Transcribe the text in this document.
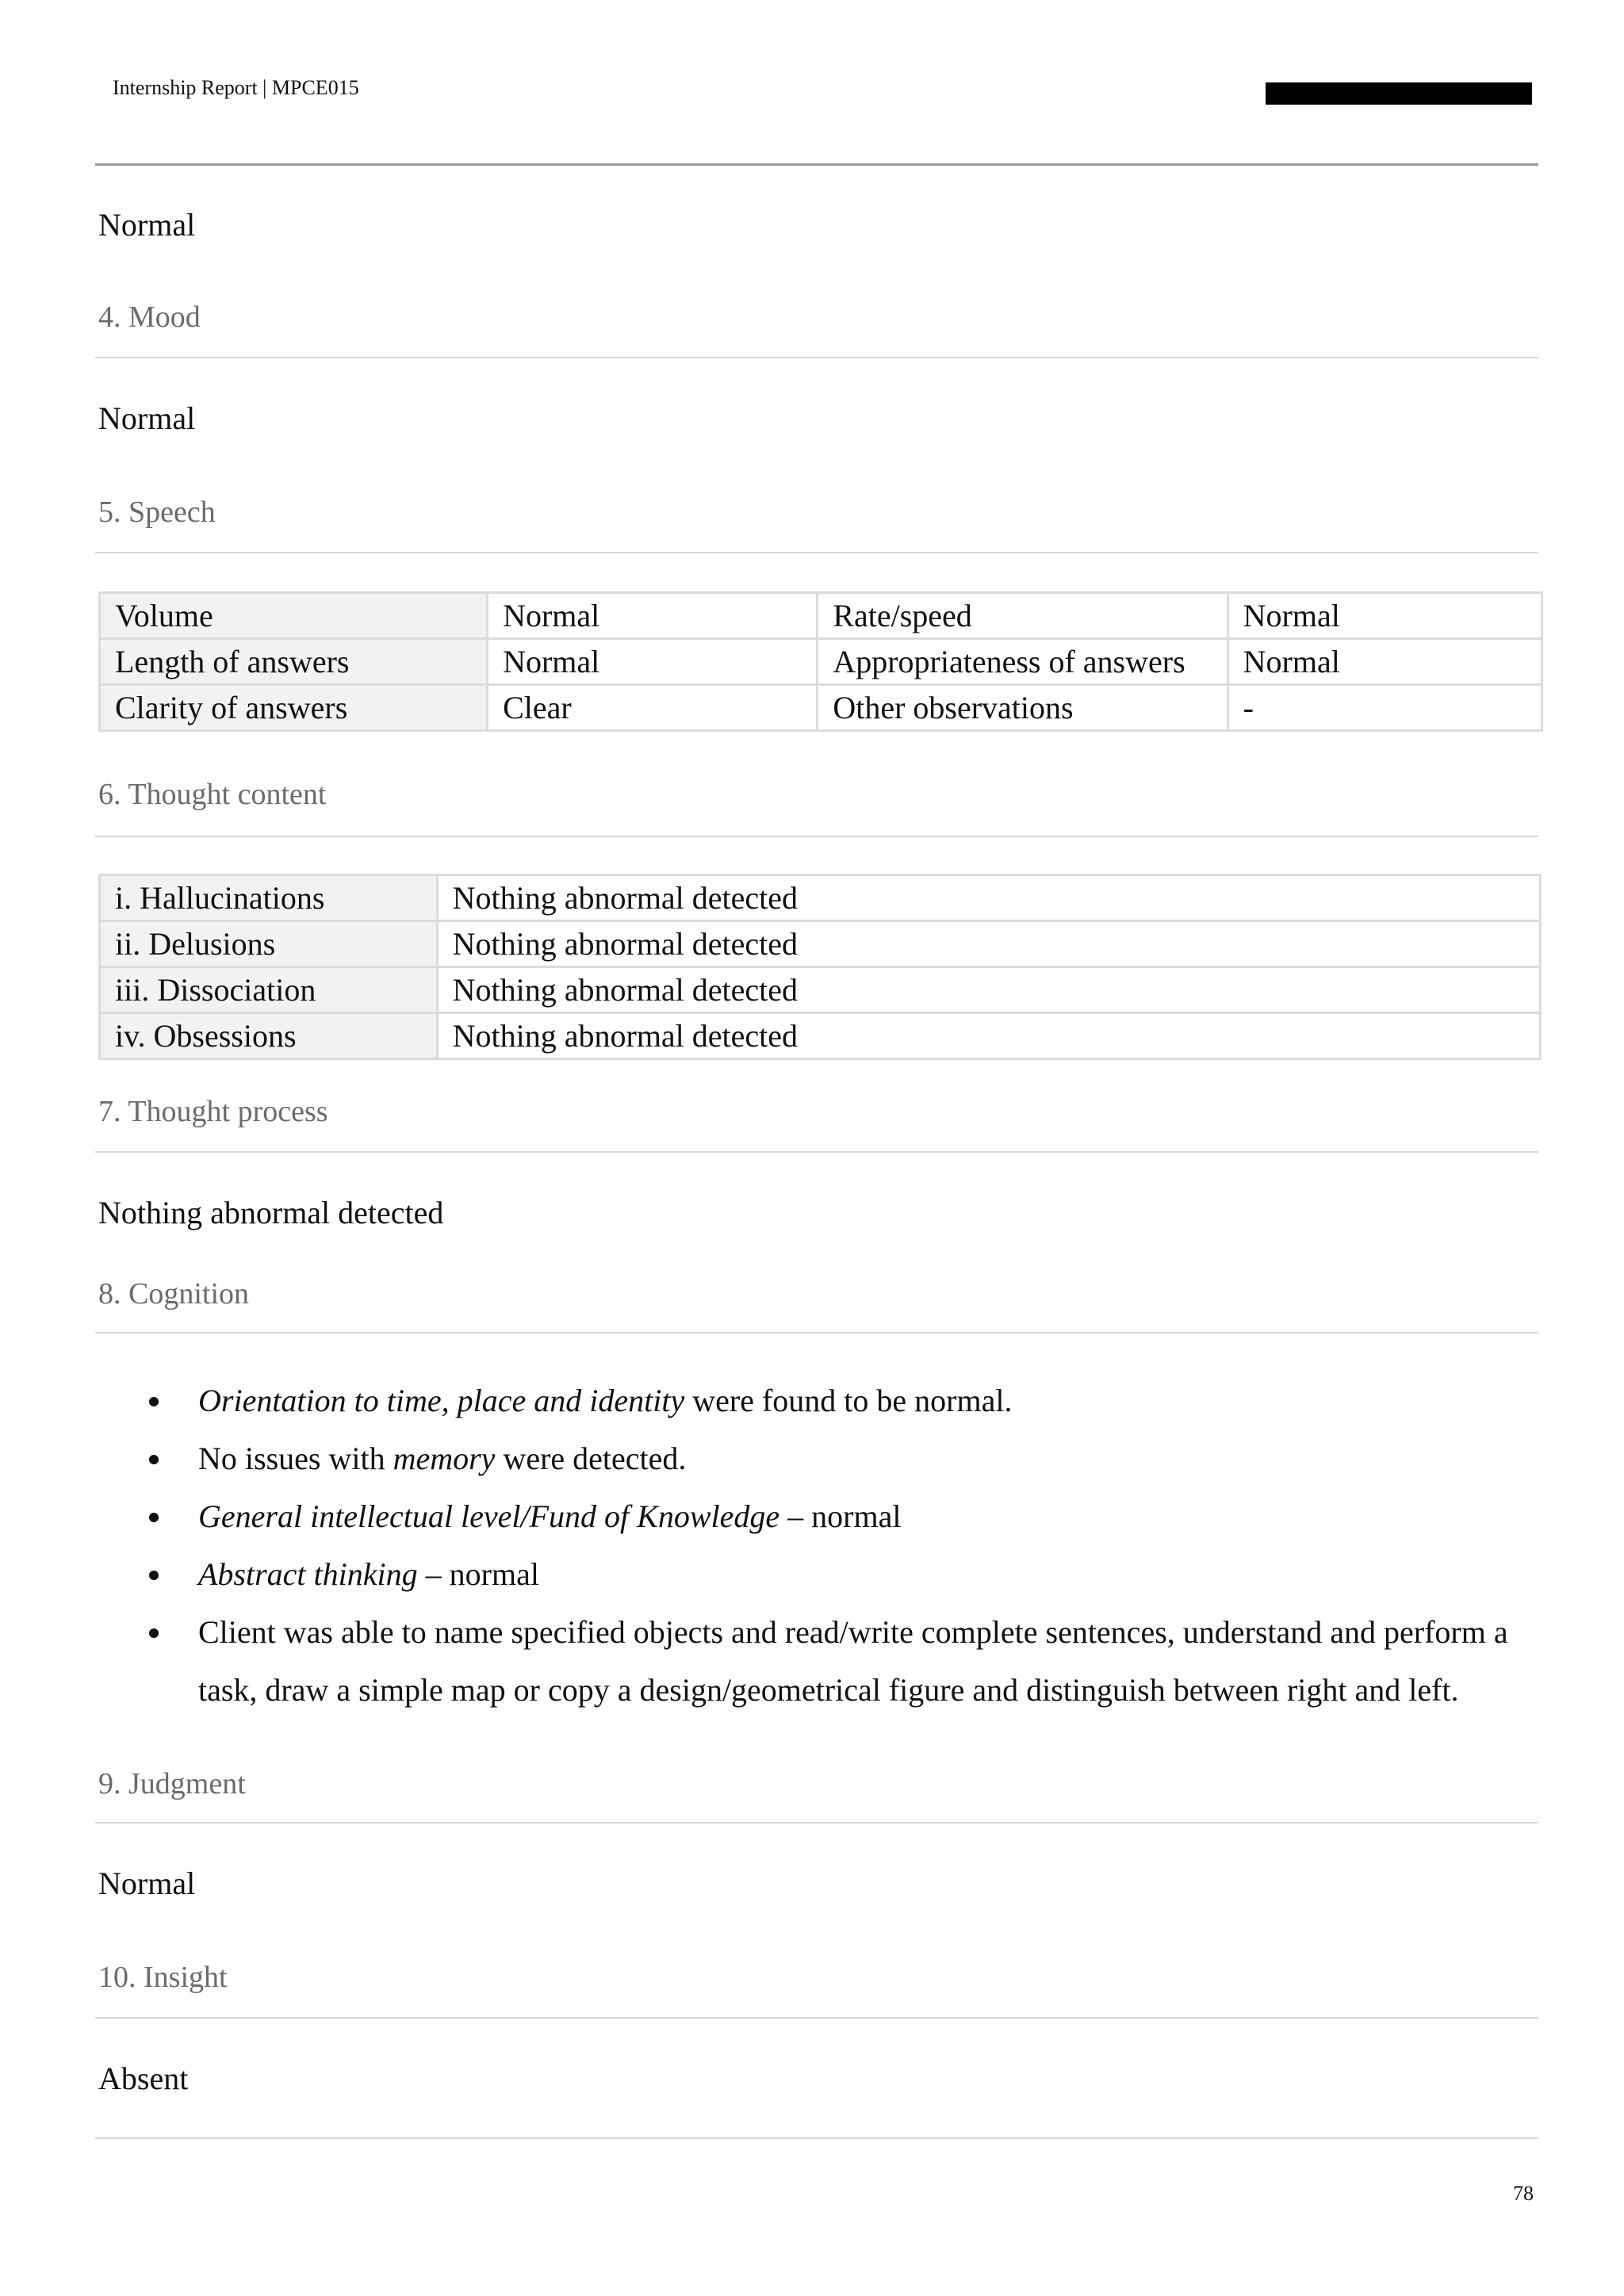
Internship Report | MPCE015
Normal
4. Mood
Normal
5. Speech
Volume	Normal	Rate/speed	Normal
Length of answers	Normal	Appropriateness of answers	Normal
Clarity of answers	Clear	Other observations	-
6. Thought content
i. Hallucinations	Nothing abnormal detected
ii. Delusions	Nothing abnormal detected
iii. Dissociation	Nothing abnormal detected
iv. Obsessions	Nothing abnormal detected
7. Thought process
Nothing abnormal detected
8. Cognition
Orientation to time, place and identity were found to be normal.
No issues with memory were detected.
General intellectual level/Fund of Knowledge – normal
Abstract thinking – normal
Client was able to name specified objects and read/write complete sentences, understand and perform a task, draw a simple map or copy a design/geometrical figure and distinguish between right and left.
9. Judgment
Normal
10. Insight
Absent
78
